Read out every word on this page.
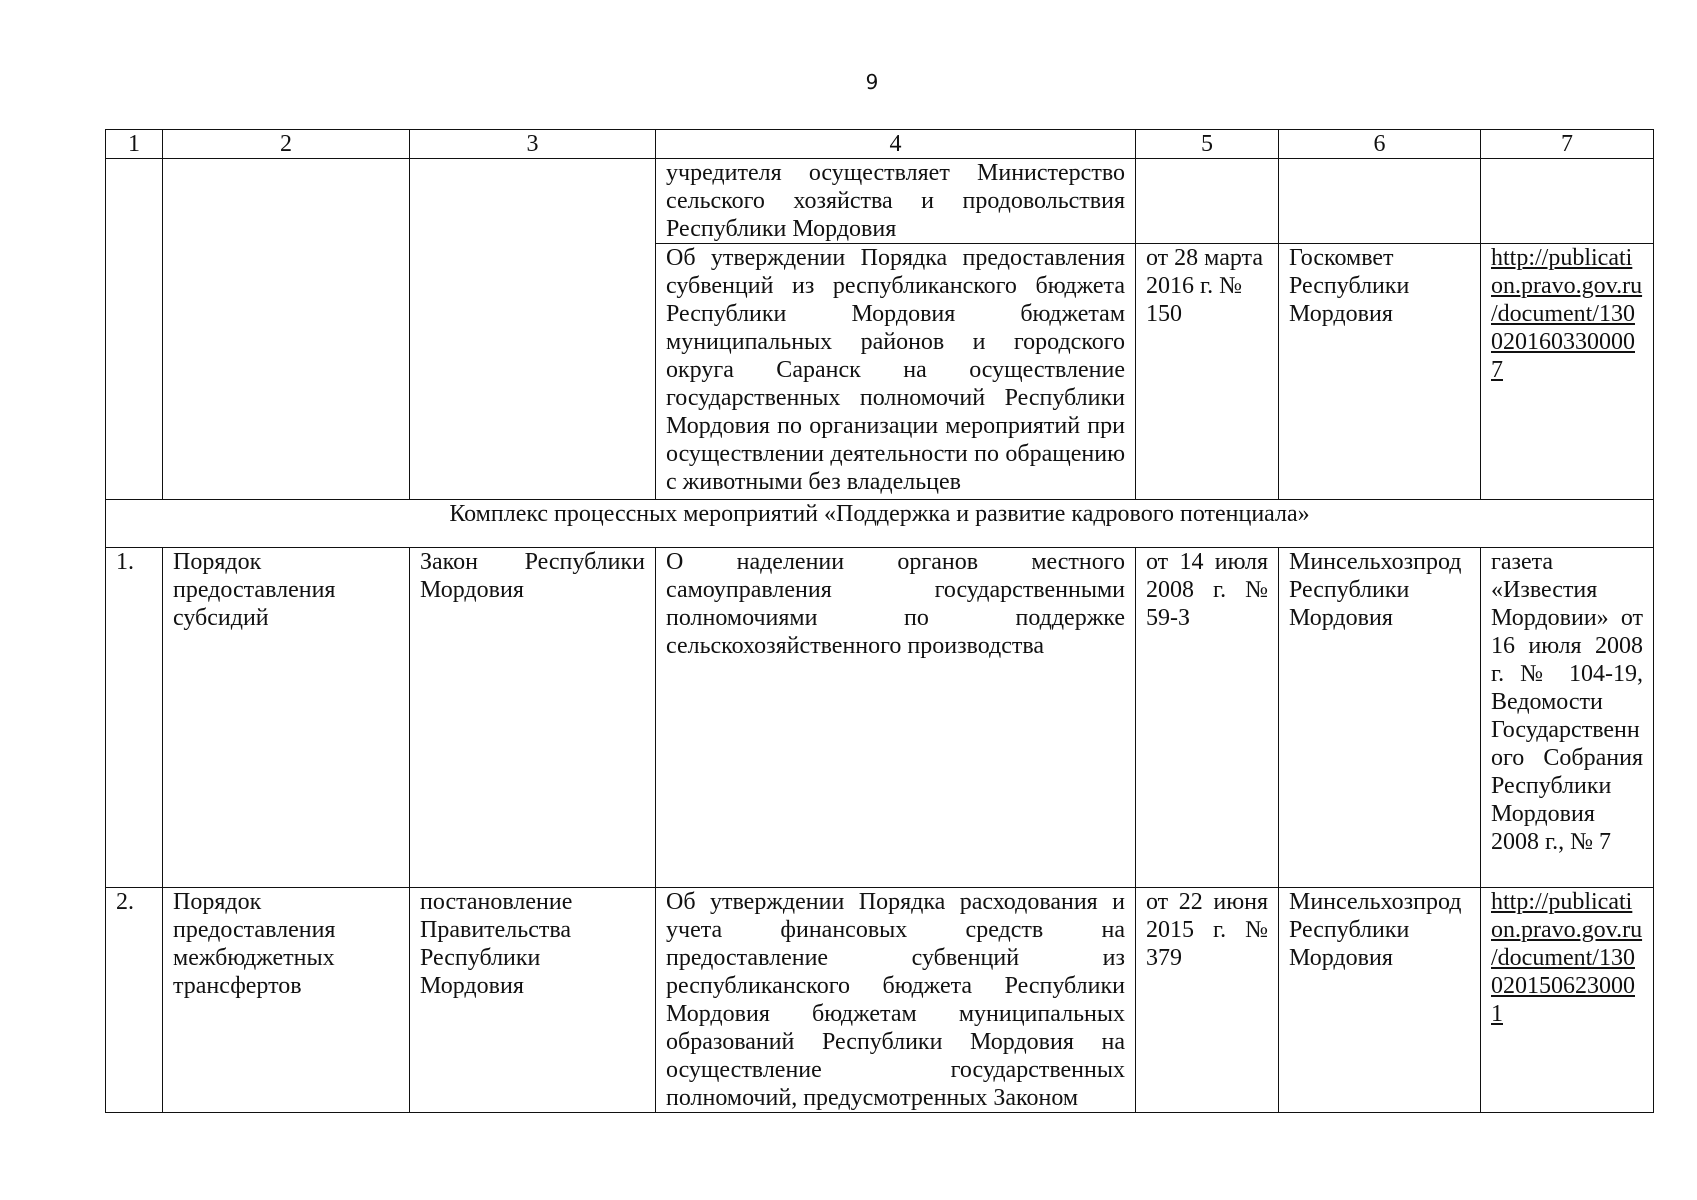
9
1	2	3	4	5	6	7
			учредителя осуществляет Министерство сельского хозяйства и продовольствия Республики Мордовия			
			Об утверждении Порядка предоставления субвенций из республиканского бюджета Республики Мордовия бюджетам муниципальных районов и городского округа Саранск на осуществление государственных полномочий Республики Мордовия по организации мероприятий при осуществлении деятельности по обращению с животными без владельцев	от 28 марта 2016 г. № 150	Госкомвет Республики Мордовия	http://publication.pravo.gov.ru/document/1300201603300007
Комплекс процессных мероприятий «Поддержка и развитие кадрового потенциала»						
1.	Порядок предоставления субсидий	Закон Республики Мордовия	О наделении органов местного самоуправления государственными полномочиями по поддержке сельскохозяйственного производства	от 14 июля 2008 г. № 59-З	Минсельхозпрод Республики Мордовия	газета «Известия Мордовии» от 16 июля 2008 г. № 104-19, Ведомости Государственного Собрания Республики Мордовия 2008 г., № 7
2.	Порядок предоставления межбюджетных трансфертов	постановление Правительства Республики Мордовия	Об утверждении Порядка расходования и учета финансовых средств на предоставление субвенций из республиканского бюджета Республики Мордовия бюджетам муниципальных образований Республики Мордовия на осуществление государственных полномочий, предусмотренных Законом	от 22 июня 2015 г. № 379	Минсельхозпрод Республики Мордовия	http://publication.pravo.gov.ru/document/1300201506230001
